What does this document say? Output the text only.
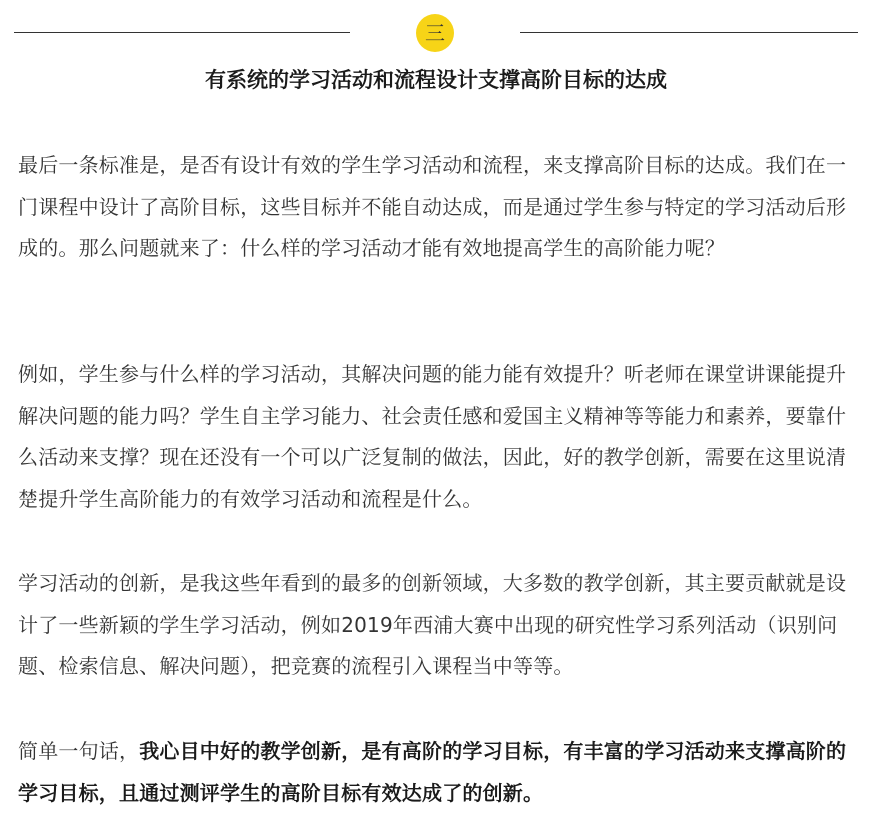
三
有系统的学习活动和流程设计支撑高阶目标的达成

最后一条标准是，是否有设计有效的学生学习活动和流程，来支撑高阶目标的达成。我们在一门课程中设计了高阶目标，这些目标并不能自动达成，而是通过学生参与特定的学习活动后形成的。那么问题就来了：什么样的学习活动才能有效地提高学生的高阶能力呢？

例如，学生参与什么样的学习活动，其解决问题的能力能有效提升？听老师在课堂讲课能提升解决问题的能力吗？学生自主学习能力、社会责任感和爱国主义精神等等能力和素养，要靠什么活动来支撑？现在还没有一个可以广泛复制的做法，因此，好的教学创新，需要在这里说清楚提升学生高阶能力的有效学习活动和流程是什么。

学习活动的创新，是我这些年看到的最多的创新领域，大多数的教学创新，其主要贡献就是设计了一些新颖的学生学习活动，例如2019年西浦大赛中出现的研究性学习系列活动（识别问题、检索信息、解决问题），把竞赛的流程引入课程当中等等。

简单一句话，我心目中好的教学创新，是有高阶的学习目标，有丰富的学习活动来支撑高阶的学习目标，且通过测评学生的高阶目标有效达成了的创新。
